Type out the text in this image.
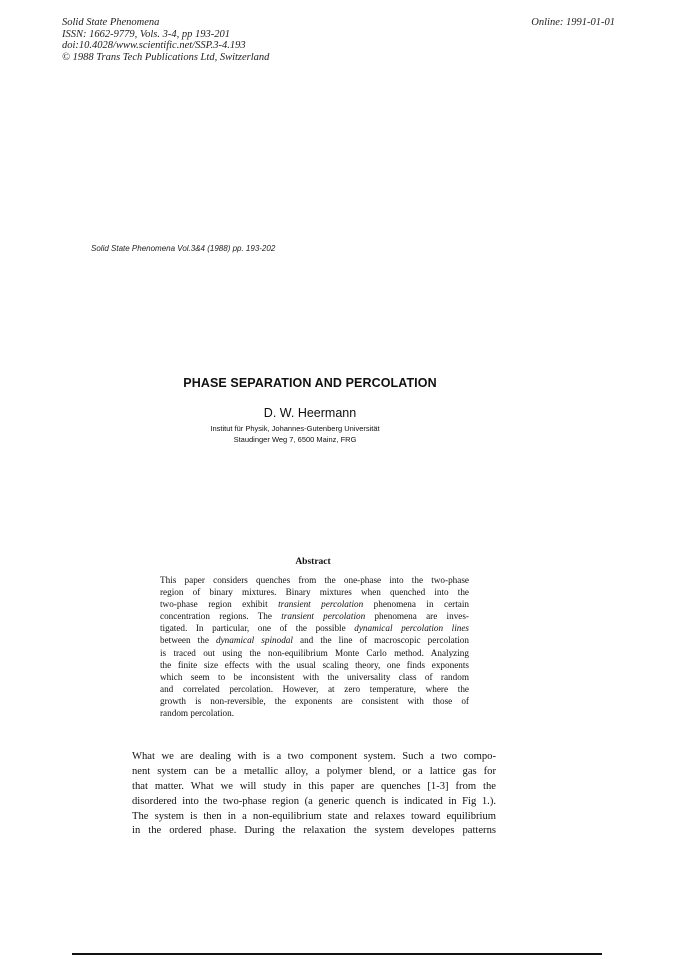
Solid State Phenomena
ISSN: 1662-9779, Vols. 3-4, pp 193-201
doi:10.4028/www.scientific.net/SSP.3-4.193
© 1988 Trans Tech Publications Ltd, Switzerland
Online: 1991-01-01
Solid State Phenomena Vol.3&4 (1988) pp. 193-202
PHASE SEPARATION AND PERCOLATION
D. W. Heermann
Institut für Physik, Johannes-Gutenberg Universität
Staudinger Weg 7, 6500 Mainz, FRG
Abstract
This paper considers quenches from the one-phase into the two-phase
region of binary mixtures. Binary mixtures when quenched into the
two-phase region exhibit transient percolation phenomena in certain
concentration regions. The transient percolation phenomena are inves-
tigated. In particular, one of the possible dynamical percolation lines
between the dynamical spinodal and the line of macroscopic percolation
is traced out using the non-equilibrium Monte Carlo method. Analyzing
the finite size effects with the usual scaling theory, one finds exponents
which seem to be inconsistent with the universality class of random
and correlated percolation. However, at zero temperature, where the
growth is non-reversible, the exponents are consistent with those of
random percolation.
What we are dealing with is a two component system. Such a two compo-
nent system can be a metallic alloy, a polymer blend, or a lattice gas for
that matter. What we will study in this paper are quenches [1-3] from the
disordered into the two-phase region (a generic quench is indicated in Fig 1.).
The system is then in a non-equilibrium state and relaxes toward equilibrium
in the ordered phase. During the relaxation the system developes patterns
